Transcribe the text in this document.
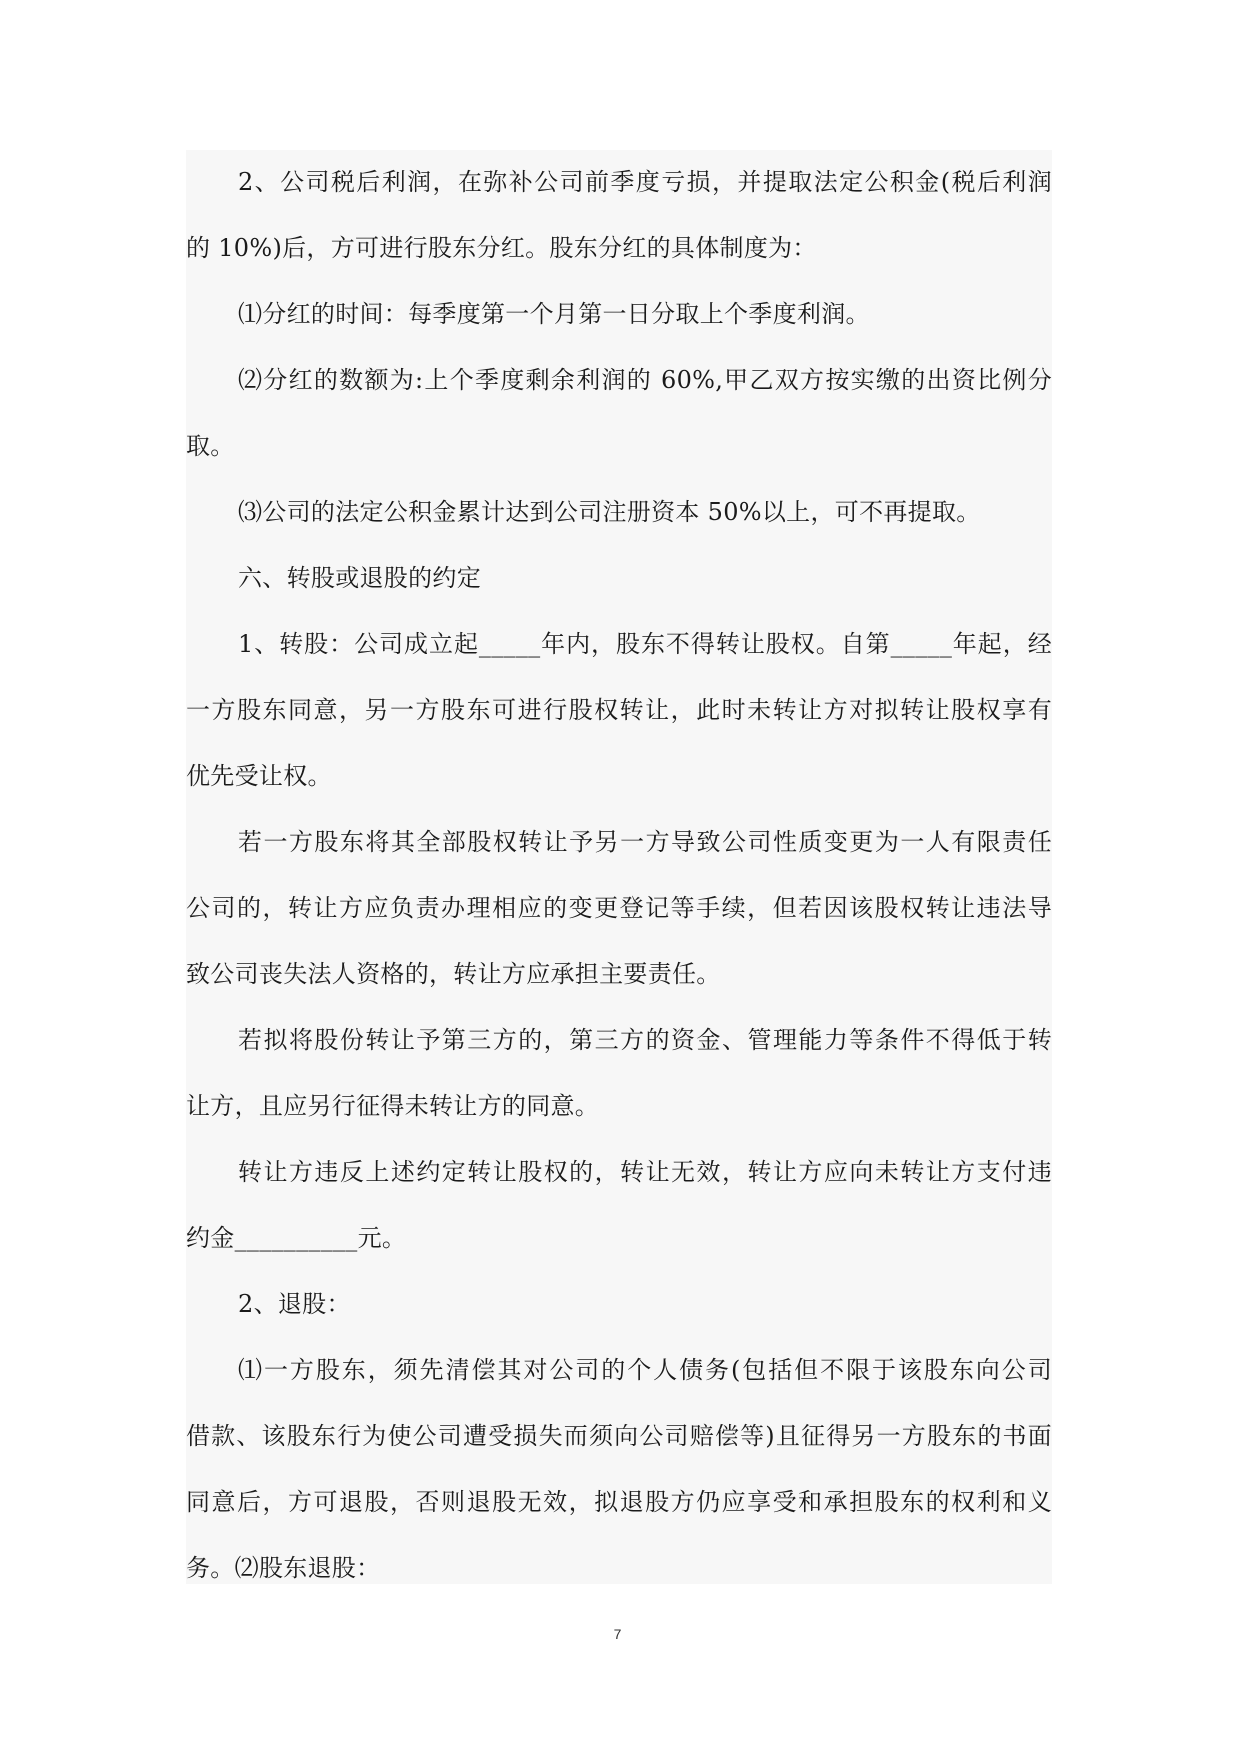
2、公司税后利润，在弥补公司前季度亏损，并提取法定公积金(税后利润
的 10%)后，方可进行股东分红。股东分红的具体制度为：
⑴分红的时间：每季度第一个月第一日分取上个季度利润。
⑵分红的数额为:上个季度剩余利润的 60%,甲乙双方按实缴的出资比例分
取。
⑶公司的法定公积金累计达到公司注册资本 50%以上，可不再提取。
六、转股或退股的约定
1、转股：公司成立起_____年内，股东不得转让股权。自第_____年起，经
一方股东同意，另一方股东可进行股权转让，此时未转让方对拟转让股权享有
优先受让权。
若一方股东将其全部股权转让予另一方导致公司性质变更为一人有限责任
公司的，转让方应负责办理相应的变更登记等手续，但若因该股权转让违法导
致公司丧失法人资格的，转让方应承担主要责任。
若拟将股份转让予第三方的，第三方的资金、管理能力等条件不得低于转
让方，且应另行征得未转让方的同意。
转让方违反上述约定转让股权的，转让无效，转让方应向未转让方支付违
约金__________元。
2、退股：
⑴一方股东，须先清偿其对公司的个人债务(包括但不限于该股东向公司
借款、该股东行为使公司遭受损失而须向公司赔偿等)且征得另一方股东的书面
同意后，方可退股，否则退股无效，拟退股方仍应享受和承担股东的权利和义
务。⑵股东退股：
7
